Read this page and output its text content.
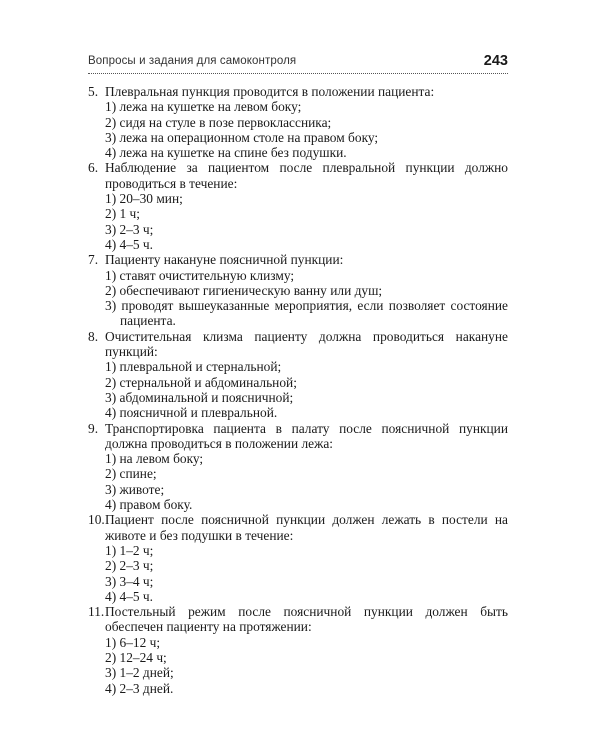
Вопросы и задания для самоконтроля	243
5. Плевральная пункция проводится в положении пациента:
1) лежа на кушетке на левом боку;
2) сидя на стуле в позе первоклассника;
3) лежа на операционном столе на правом боку;
4) лежа на кушетке на спине без подушки.
6. Наблюдение за пациентом после плевральной пункции должно проводиться в течение:
1) 20–30 мин;
2) 1 ч;
3) 2–3 ч;
4) 4–5 ч.
7. Пациенту накануне поясничной пункции:
1) ставят очистительную клизму;
2) обеспечивают гигиеническую ванну или душ;
3) проводят вышеуказанные мероприятия, если позволяет состояние пациента.
8. Очистительная клизма пациенту должна проводиться накануне пункций:
1) плевральной и стернальной;
2) стернальной и абдоминальной;
3) абдоминальной и поясничной;
4) поясничной и плевральной.
9. Транспортировка пациента в палату после поясничной пункции должна проводиться в положении лежа:
1) на левом боку;
2) спине;
3) животе;
4) правом боку.
10.Пациент после поясничной пункции должен лежать в постели на животе и без подушки в течение:
1) 1–2 ч;
2) 2–3 ч;
3) 3–4 ч;
4) 4–5 ч.
11.Постельный режим после поясничной пункции должен быть обеспечен пациенту на протяжении:
1) 6–12 ч;
2) 12–24 ч;
3) 1–2 дней;
4) 2–3 дней.
